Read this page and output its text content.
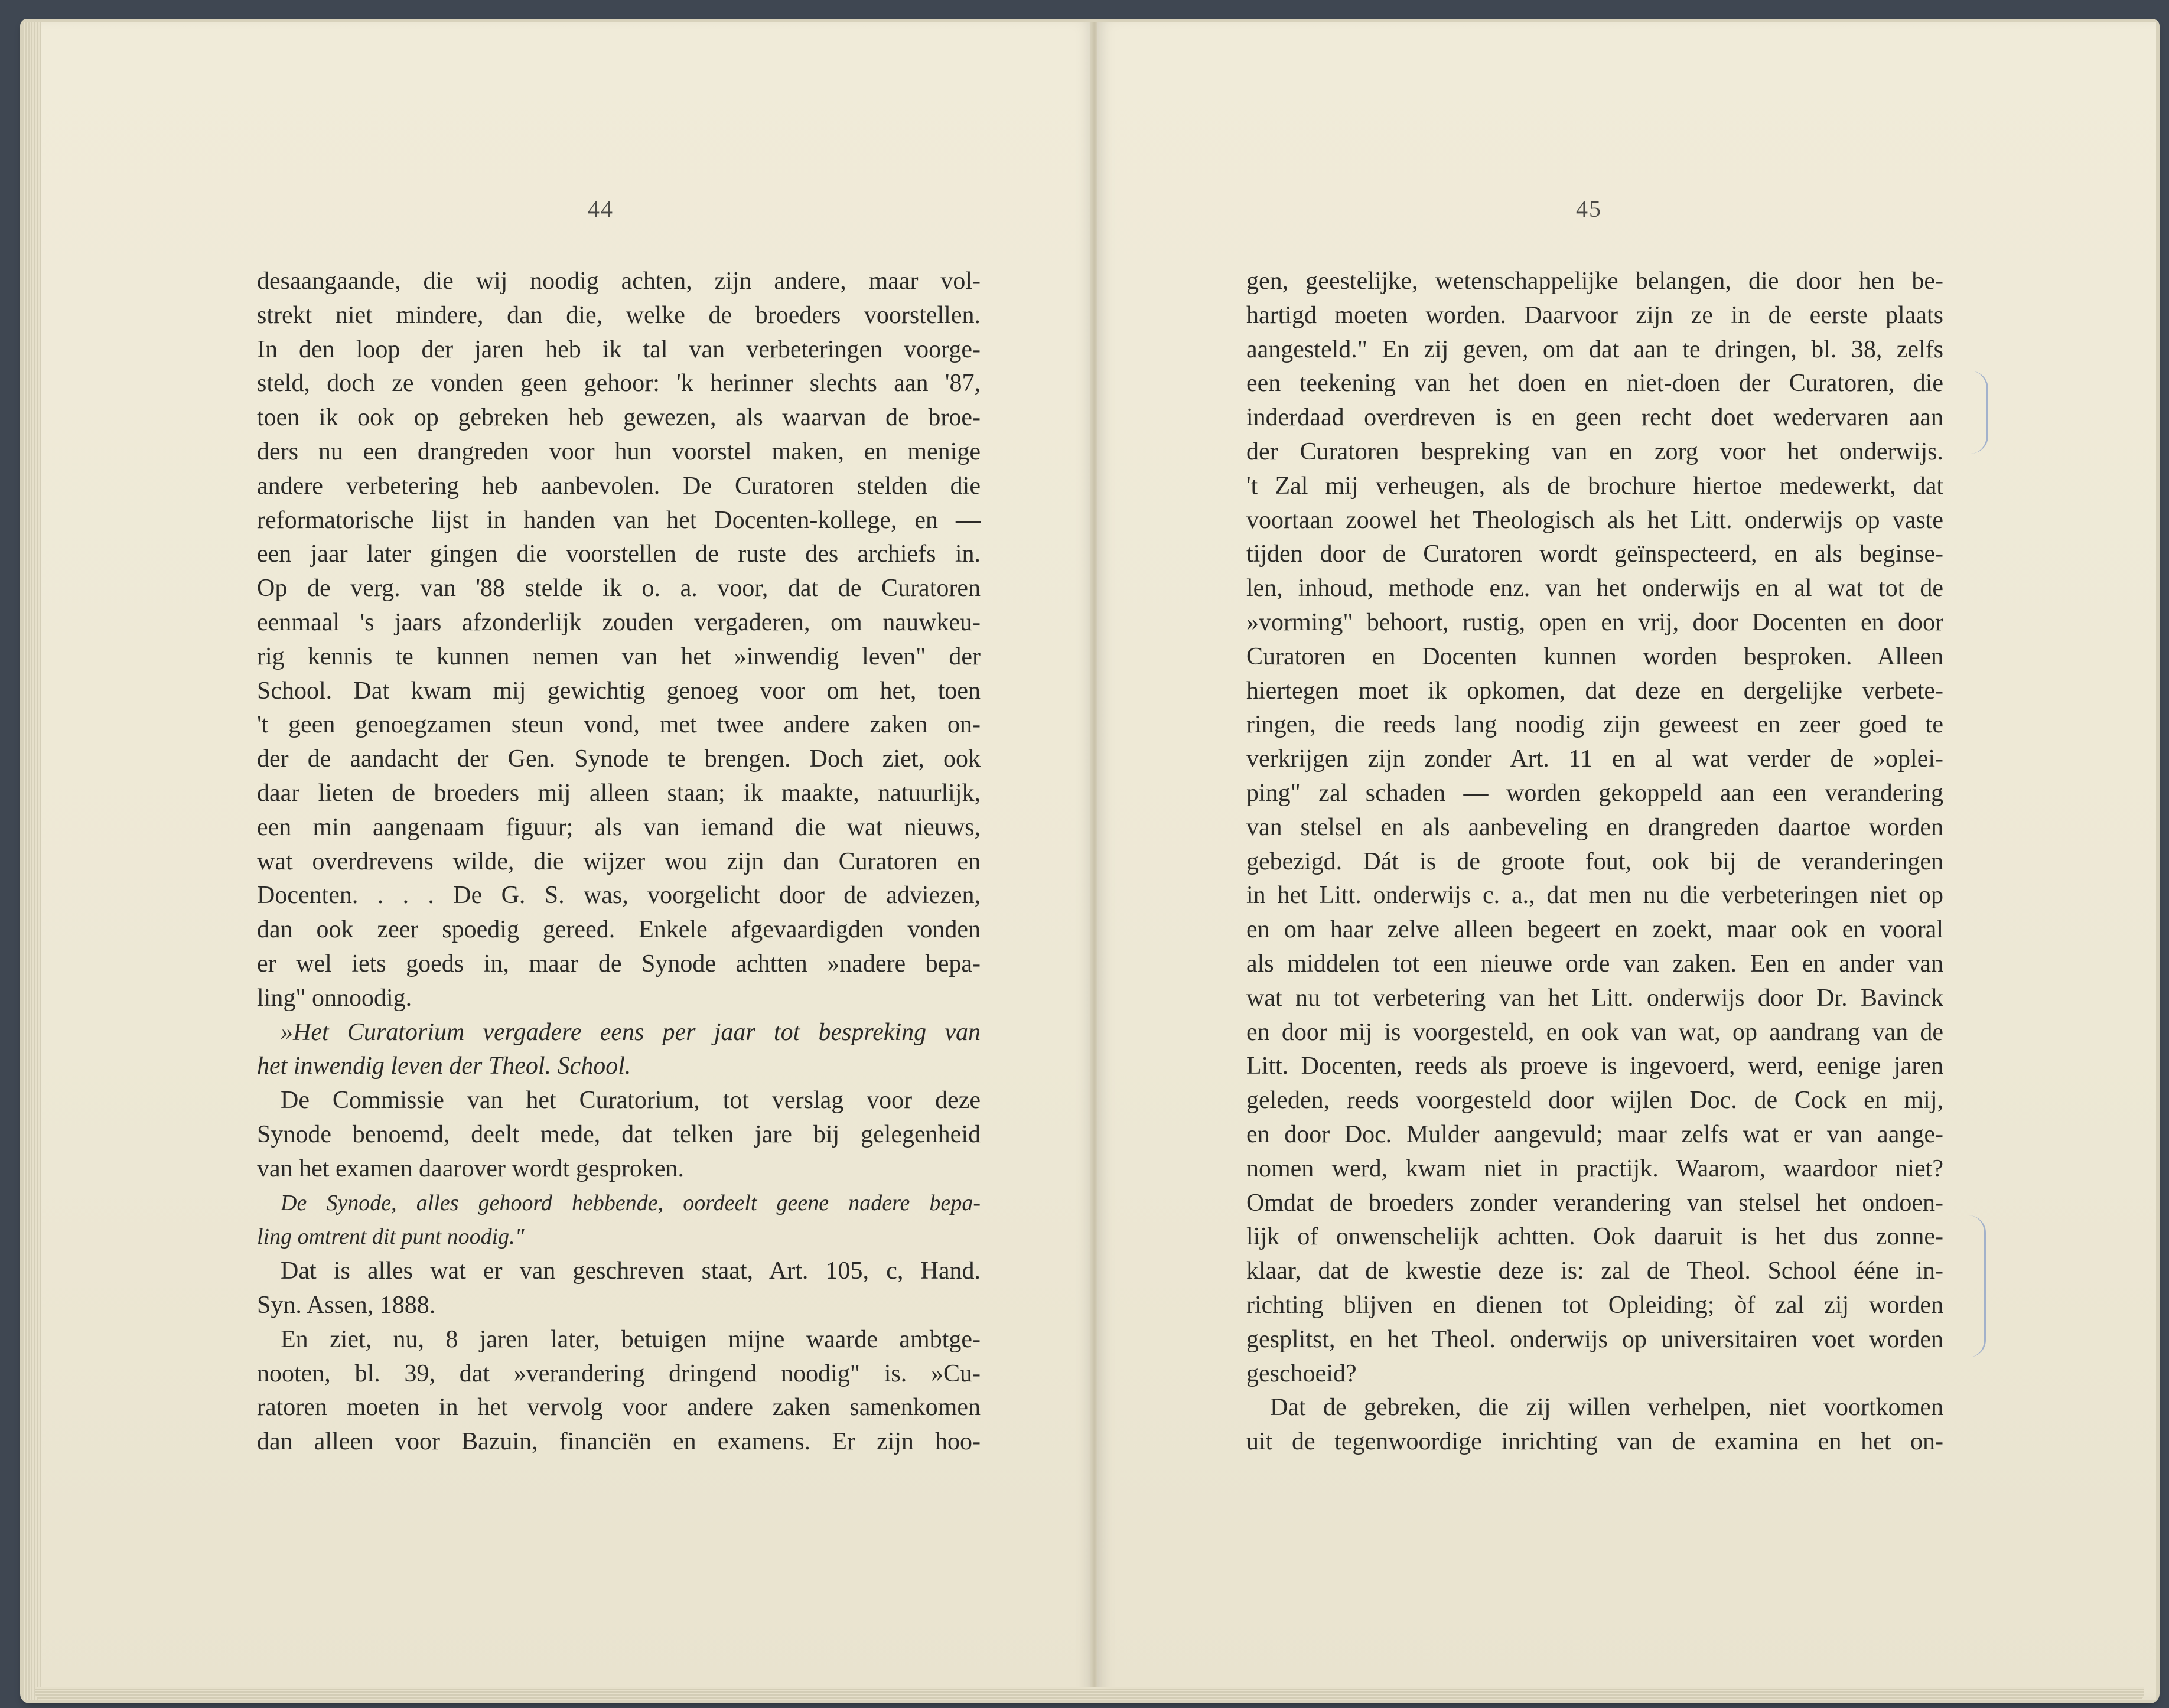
44
desaangaande, die wij noodig achten, zijn andere, maar vol-
strekt niet mindere, dan die, welke de broeders voorstellen.
In den loop der jaren heb ik tal van verbeteringen voorge-
steld, doch ze vonden geen gehoor: 'k herinner slechts aan '87,
toen ik ook op gebreken heb gewezen, als waarvan de broe-
ders nu een drangreden voor hun voorstel maken, en menige
andere verbetering heb aanbevolen. De Curatoren stelden die
reformatorische lijst in handen van het Docenten-kollege, en —
een jaar later gingen die voorstellen de ruste des archiefs in.
Op de verg. van '88 stelde ik o. a. voor, dat de Curatoren
eenmaal 's jaars afzonderlijk zouden vergaderen, om nauwkeu-
rig kennis te kunnen nemen van het »inwendig leven" der
School. Dat kwam mij gewichtig genoeg voor om het, toen
't geen genoegzamen steun vond, met twee andere zaken on-
der de aandacht der Gen. Synode te brengen. Doch ziet, ook
daar lieten de broeders mij alleen staan; ik maakte, natuurlijk,
een min aangenaam figuur; als van iemand die wat nieuws,
wat overdrevens wilde, die wijzer wou zijn dan Curatoren en
Docenten. . . . De G. S. was, voorgelicht door de adviezen,
dan ook zeer spoedig gereed. Enkele afgevaardigden vonden
er wel iets goeds in, maar de Synode achtten »nadere bepa-
ling" onnoodig.
»Het Curatorium vergadere eens per jaar tot bespreking van
het inwendig leven der Theol. School.
De Commissie van het Curatorium, tot verslag voor deze
Synode benoemd, deelt mede, dat telken jare bij gelegenheid
van het examen daarover wordt gesproken.
De Synode, alles gehoord hebbende, oordeelt geene nadere bepa-
ling omtrent dit punt noodig."
Dat is alles wat er van geschreven staat, Art. 105, c, Hand.
Syn. Assen, 1888.
En ziet, nu, 8 jaren later, betuigen mijne waarde ambtge-
nooten, bl. 39, dat »verandering dringend noodig" is. »Cu-
ratoren moeten in het vervolg voor andere zaken samenkomen
dan alleen voor Bazuin, financiën en examens. Er zijn hoo-
45
gen, geestelijke, wetenschappelijke belangen, die door hen be-
hartigd moeten worden. Daarvoor zijn ze in de eerste plaats
aangesteld." En zij geven, om dat aan te dringen, bl. 38, zelfs
een teekening van het doen en niet-doen der Curatoren, die
inderdaad overdreven is en geen recht doet wedervaren aan
der Curatoren bespreking van en zorg voor het onderwijs.
't Zal mij verheugen, als de brochure hiertoe medewerkt, dat
voortaan zoowel het Theologisch als het Litt. onderwijs op vaste
tijden door de Curatoren wordt geïnspecteerd, en als beginse-
len, inhoud, methode enz. van het onderwijs en al wat tot de
»vorming" behoort, rustig, open en vrij, door Docenten en door
Curatoren en Docenten kunnen worden besproken. Alleen
hiertegen moet ik opkomen, dat deze en dergelijke verbete-
ringen, die reeds lang noodig zijn geweest en zeer goed te
verkrijgen zijn zonder Art. 11 en al wat verder de »oplei-
ping" zal schaden — worden gekoppeld aan een verandering
van stelsel en als aanbeveling en drangreden daartoe worden
gebezigd. Dát is de groote fout, ook bij de veranderingen
in het Litt. onderwijs c. a., dat men nu die verbeteringen niet op
en om haar zelve alleen begeert en zoekt, maar ook en vooral
als middelen tot een nieuwe orde van zaken. Een en ander van
wat nu tot verbetering van het Litt. onderwijs door Dr. Bavinck
en door mij is voorgesteld, en ook van wat, op aandrang van de
Litt. Docenten, reeds als proeve is ingevoerd, werd, eenige jaren
geleden, reeds voorgesteld door wijlen Doc. de Cock en mij,
en door Doc. Mulder aangevuld; maar zelfs wat er van aange-
nomen werd, kwam niet in practijk. Waarom, waardoor niet?
Omdat de broeders zonder verandering van stelsel het ondoen-
lijk of onwenschelijk achtten. Ook daaruit is het dus zonne-
klaar, dat de kwestie deze is: zal de Theol. School ééne in-
richting blijven en dienen tot Opleiding; òf zal zij worden
gesplitst, en het Theol. onderwijs op universitairen voet worden
geschoeid?
Dat de gebreken, die zij willen verhelpen, niet voortkomen
uit de tegenwoordige inrichting van de examina en het on-
